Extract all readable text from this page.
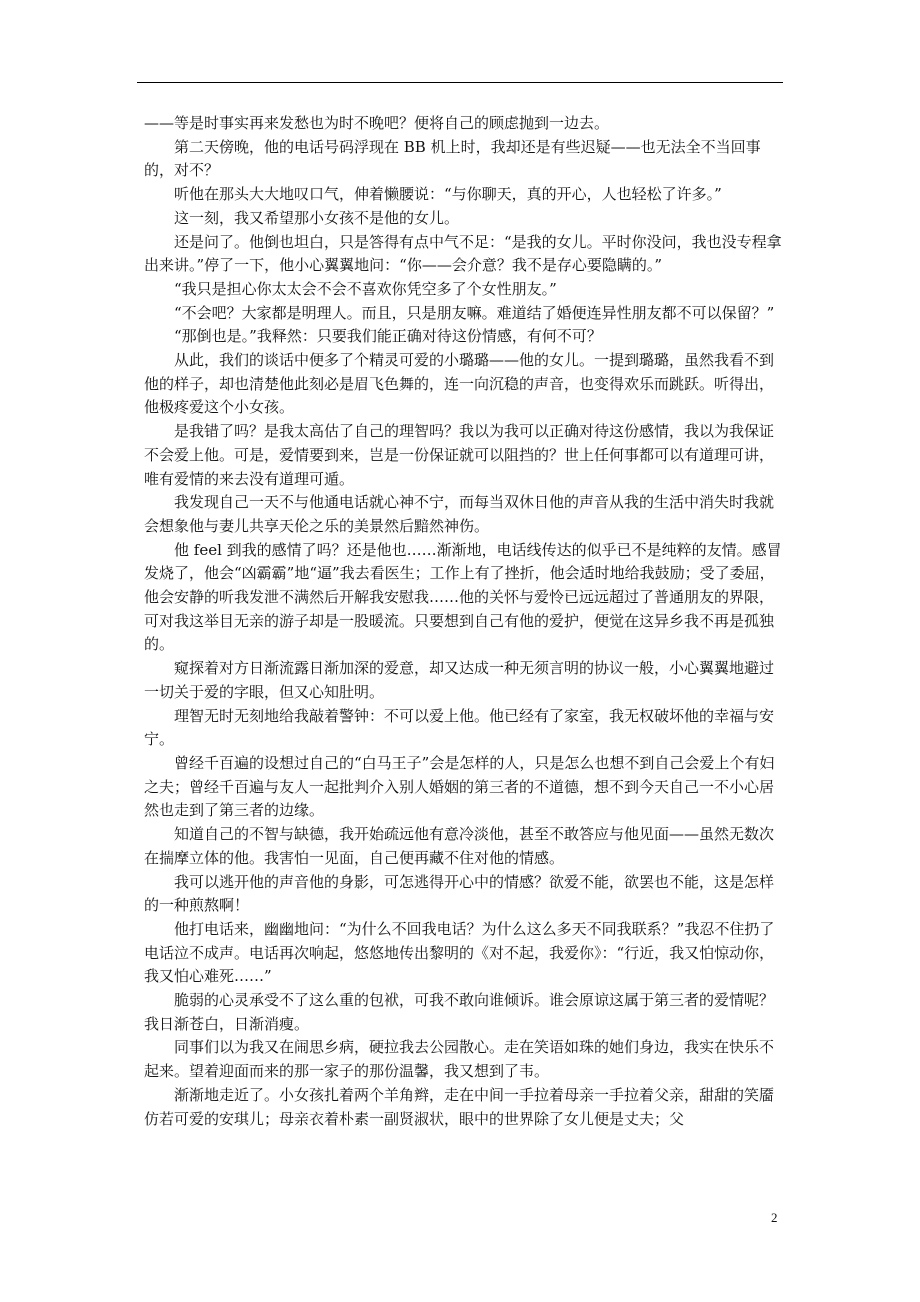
——等是时事实再来发愁也为时不晚吧？便将自己的顾虑抛到一边去。

第二天傍晚，他的电话号码浮现在 BB 机上时，我却还是有些迟疑——也无法全不当回事的，对不？

听他在那头大大地叹口气，伸着懒腰说：“与你聊天，真的开心，人也轻松了许多。”

这一刻，我又希望那小女孩不是他的女儿。

还是问了。他倒也坦白，只是答得有点中气不足：“是我的女儿。平时你没问，我也没专程拿出来讲。”停了一下，他小心翼翼地问：“你——会介意？我不是存心要隐瞒的。”

“我只是担心你太太会不会不喜欢你凭空多了个女性朋友。”

“不会吧？大家都是明理人。而且，只是朋友嘛。难道结了婚便连异性朋友都不可以保留？”

“那倒也是。”我释然：只要我们能正确对待这份情感，有何不可？

从此，我们的谈话中便多了个精灵可爱的小璐璐——他的女儿。一提到璐璐，虽然我看不到他的样子，却也清楚他此刻必是眉飞色舞的，连一向沉稳的声音，也变得欢乐而跳跃。听得出，他极疼爱这个小女孩。

是我错了吗？是我太高估了自己的理智吗？我以为我可以正确对待这份感情，我以为我保证不会爱上他。可是，爱情要到来，岂是一份保证就可以阻挡的？世上任何事都可以有道理可讲，唯有爱情的来去没有道理可遁。

我发现自己一天不与他通电话就心神不宁，而每当双休日他的声音从我的生活中消失时我就会想象他与妻儿共享天伦之乐的美景然后黯然神伤。

他 feel 到我的感情了吗？还是他也……渐渐地，电话线传达的似乎已不是纯粹的友情。感冒发烧了，他会“凶霸霸”地“逼”我去看医生；工作上有了挫折，他会适时地给我鼓励；受了委屈，他会安静的听我发泄不满然后开解我安慰我……他的关怀与爱怜已远远超过了普通朋友的界限，可对我这举目无亲的游子却是一股暖流。只要想到自己有他的爱护，便觉在这异乡我不再是孤独的。

窥探着对方日渐流露日渐加深的爱意，却又达成一种无须言明的协议一般，小心翼翼地避过一切关于爱的字眼，但又心知肚明。

理智无时无刻地给我敲着警钟：不可以爱上他。他已经有了家室，我无权破坏他的幸福与安宁。

曾经千百遍的设想过自己的“白马王子”会是怎样的人，只是怎么也想不到自己会爱上个有妇之夫；曾经千百遍与友人一起批判介入别人婚姻的第三者的不道德，想不到今天自己一不小心居然也走到了第三者的边缘。

知道自己的不智与缺德，我开始疏远他有意冷淡他，甚至不敢答应与他见面——虽然无数次在揣摩立体的他。我害怕一见面，自己便再藏不住对他的情感。

我可以逃开他的声音他的身影，可怎逃得开心中的情感？欲爱不能，欲罢也不能，这是怎样的一种煎熬啊！

他打电话来，幽幽地问：“为什么不回我电话？为什么这么多天不同我联系？”我忍不住扔了电话泣不成声。电话再次响起，悠悠地传出黎明的《对不起，我爱你》：“行近，我又怕惊动你，我又怕心难死……”

脆弱的心灵承受不了这么重的包袱，可我不敢向谁倾诉。谁会原谅这属于第三者的爱情呢？我日渐苍白，日渐消瘦。

同事们以为我又在闹思乡病，硬拉我去公园散心。走在笑语如珠的她们身边，我实在快乐不起来。望着迎面而来的那一家子的那份温馨，我又想到了韦。

渐渐地走近了。小女孩扎着两个羊角辫，走在中间一手拉着母亲一手拉着父亲，甜甜的笑靥仿若可爱的安琪儿；母亲衣着朴素一副贤淑状，眼中的世界除了女儿便是丈夫；父

2
